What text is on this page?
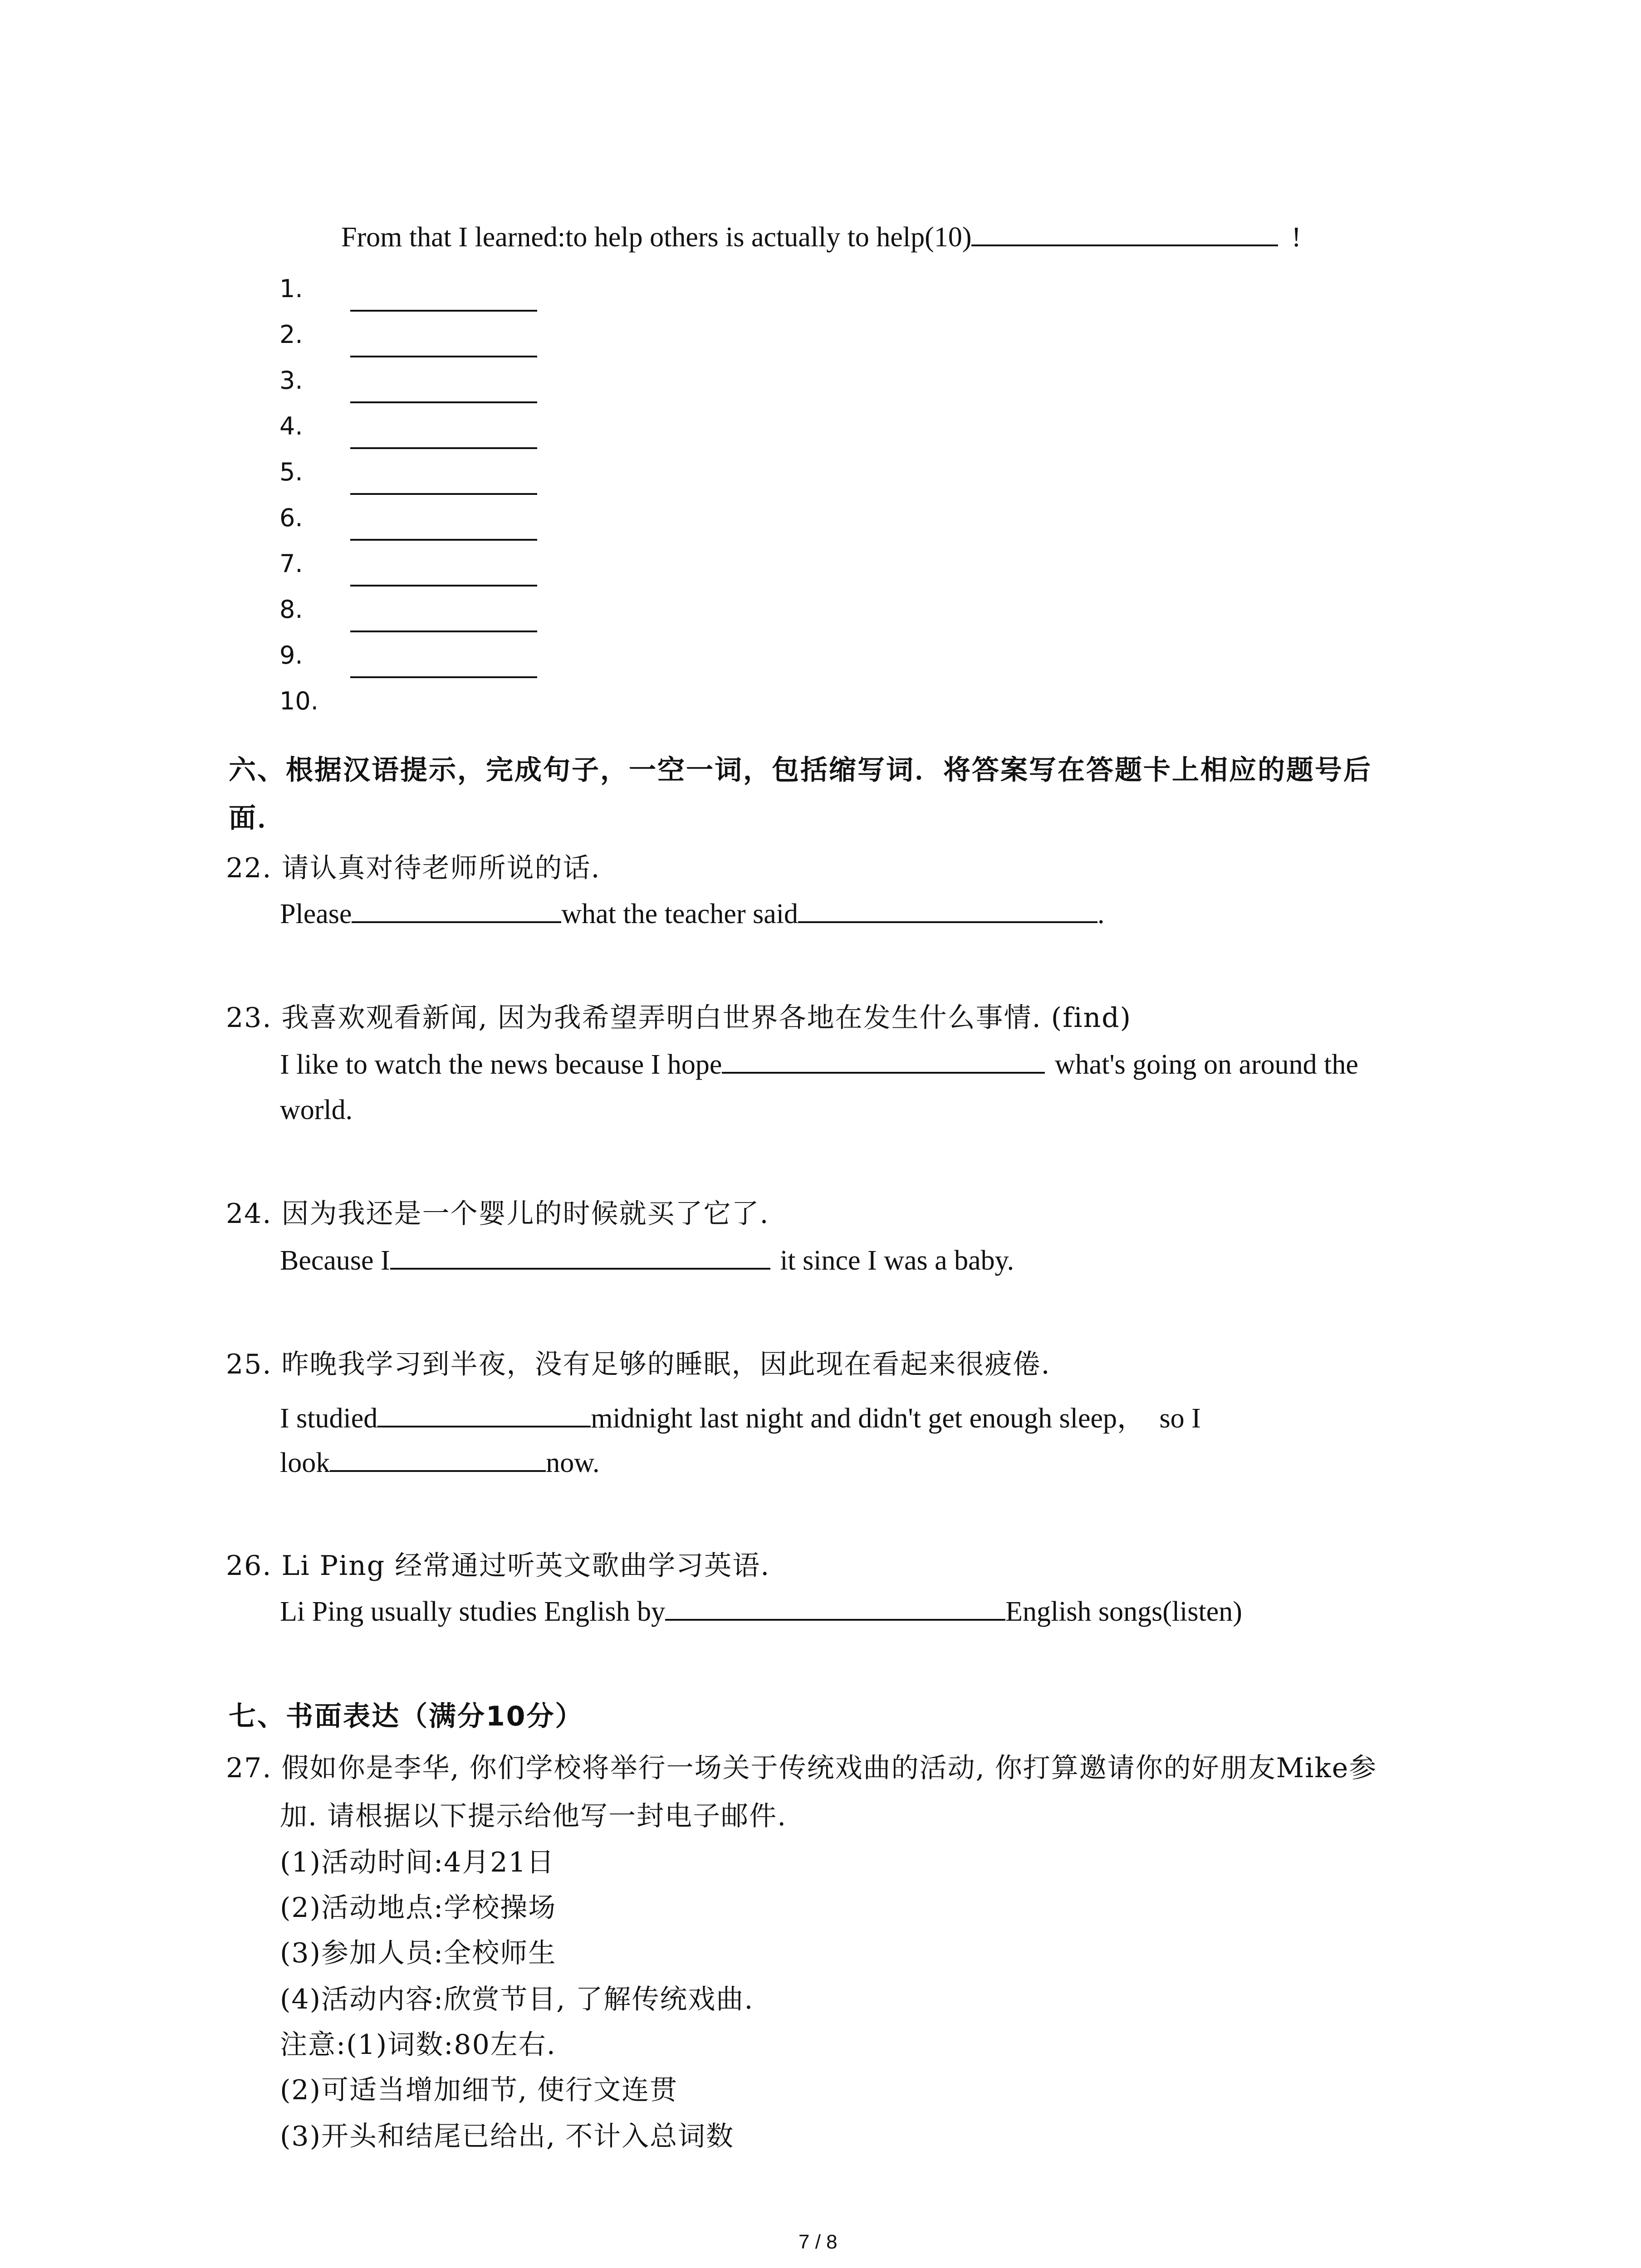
From that I learned:to help others is actually to help(10)	!
1.
2.
3.
4.
5.
6.
7.
8.
9.
10.
六、根据汉语提示，完成句子，一空一词，包括缩写词．将答案写在答题卡上相应的题号后
面．
22. 请认真对待老师所说的话.
Please	what the teacher said	.
23. 我喜欢观看新闻, 因为我希望弄明白世界各地在发生什么事情. (find)
I like to watch the news because I hope	what's going on around the
world.
24. 因为我还是一个婴儿的时候就买了它了.
Because I	it since I was a baby.
25. 昨晚我学习到半夜，没有足够的睡眠，因此现在看起来很疲倦.
I studied	midnight last night and didn't get enough sleep， so I
look	now.
26. Li Ping 经常通过听英文歌曲学习英语.
Li Ping usually studies English by	English songs(listen)
七、书面表达（满分10分）
27. 假如你是李华, 你们学校将举行一场关于传统戏曲的活动, 你打算邀请你的好朋友Mike参
加. 请根据以下提示给他写一封电子邮件.
(1)活动时间:4月21日
(2)活动地点:学校操场
(3)参加人员:全校师生
(4)活动内容:欣赏节目, 了解传统戏曲.
注意:(1)词数:80左右.
(2)可适当增加细节, 使行文连贯
(3)开头和结尾已给出, 不计入总词数
7 / 8
